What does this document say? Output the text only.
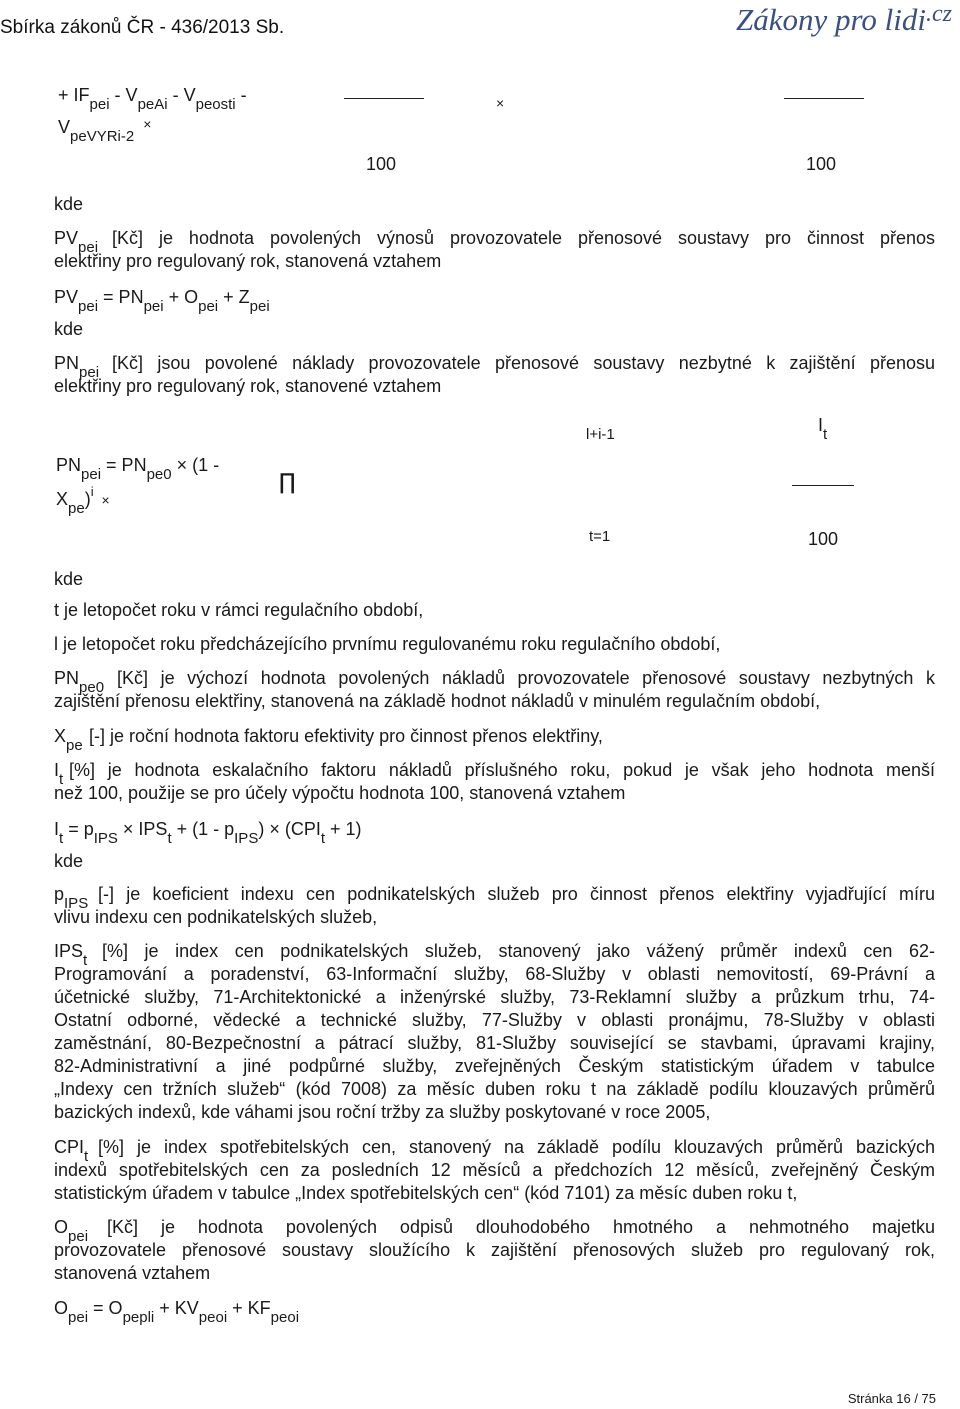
Sbírka zákonů ČR - 436/2013 Sb.	Zákony pro lidi$^{.cz}$
+ $IF_{pei} - V_{peAi} - V_{peosti}$ -	×
$V_{peVYRi-2}$ ×
100	100
kde
$PV_{pei}$ [Kč] je hodnota povolených výnosů provozovatele přenosové soustavy pro činnost přenos
elektřiny pro regulovaný rok, stanovená vztahem
$PV_{pei} = PN_{pei} + O_{pei} + Z_{pei}$
kde
$PN_{pei}$ [Kč] jsou povolené náklady provozovatele přenosové soustavy nezbytné k zajištění přenosu
elektřiny pro regulovaný rok, stanovené vztahem
$PN_{pei} = PN_{pe0} \times (1$ -
$X_{pe})^i$ ×
∏
l+i-1
t=1
$I_t$
100
kde
t je letopočet roku v rámci regulačního období,
l je letopočet roku předcházejícího prvnímu regulovanému roku regulačního období,
$PN_{pe0}$ [Kč] je výchozí hodnota povolených nákladů provozovatele přenosové soustavy nezbytných k
zajištění přenosu elektřiny, stanovená na základě hodnot nákladů v minulém regulačním období,
$X_{pe}$ [-] je roční hodnota faktoru efektivity pro činnost přenos elektřiny,
$I_t$ [%] je hodnota eskalačního faktoru nákladů příslušného roku, pokud je však jeho hodnota menší
než 100, použije se pro účely výpočtu hodnota 100, stanovená vztahem
$I_t = p_{IPS} \times IPS_t + (1 - p_{IPS}) \times (CPI_t + 1)$
kde
$p_{IPS}$ [-] je koeficient indexu cen podnikatelských služeb pro činnost přenos elektřiny vyjadřující míru
vlivu indexu cen podnikatelských služeb,
$IPS_t$ [%] je index cen podnikatelských služeb, stanovený jako vážený průměr indexů cen 62-
Programování a poradenství, 63-Informační služby, 68-Služby v oblasti nemovitostí, 69-Právní a
účetnické služby, 71-Architektonické a inženýrské služby, 73-Reklamní služby a průzkum trhu, 74-
Ostatní odborné, vědecké a technické služby, 77-Služby v oblasti pronájmu, 78-Služby v oblasti
zaměstnání, 80-Bezpečnostní a pátrací služby, 81-Služby související se stavbami, úpravami krajiny,
82-Administrativní a jiné podpůrné služby, zveřejněných Českým statistickým úřadem v tabulce
„Indexy cen tržních služeb“ (kód 7008) za měsíc duben roku t na základě podílu klouzavých průměrů
bazických indexů, kde váhami jsou roční tržby za služby poskytované v roce 2005,
$CPI_t$ [%] je index spotřebitelských cen, stanovený na základě podílu klouzavých průměrů bazických
indexů spotřebitelských cen za posledních 12 měsíců a předchozích 12 měsíců, zveřejněný Českým
statistickým úřadem v tabulce „Index spotřebitelských cen“ (kód 7101) za měsíc duben roku t,
$O_{pei}$ [Kč] je hodnota povolených odpisů dlouhodobého hmotného a nehmotného majetku
provozovatele přenosové soustavy sloužícího k zajištění přenosových služeb pro regulovaný rok,
stanovená vztahem
$O_{pei} = O_{pepli} + KV_{peoi} + KF_{peoi}$
Stránka 16 / 75
